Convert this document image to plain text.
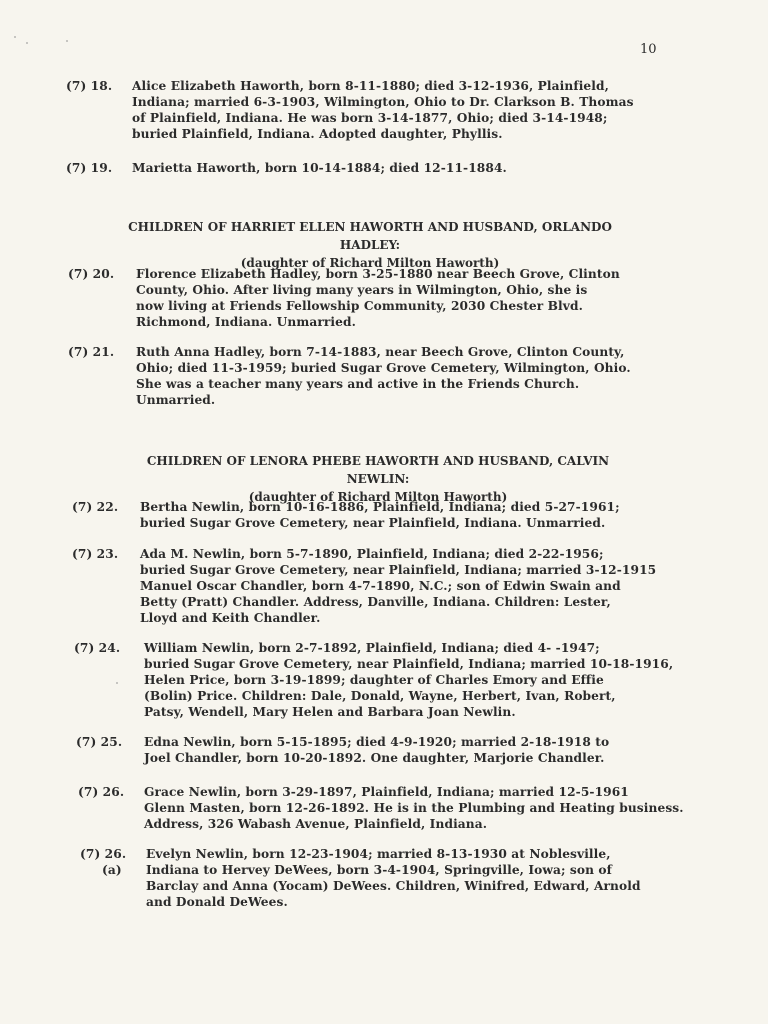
10
(7) 18.	Alice Elizabeth Haworth, born 8-11-1880; died 3-12-1936, Plainfield,
Indiana; married 6-3-1903, Wilmington, Ohio to Dr. Clarkson B. Thomas
of Plainfield, Indiana. He was born 3-14-1877, Ohio; died 3-14-1948;
buried Plainfield, Indiana. Adopted daughter, Phyllis.
(7) 19.	Marietta Haworth, born 10-14-1884; died 12-11-1884.
CHILDREN OF HARRIET ELLEN HAWORTH AND HUSBAND, ORLANDO HADLEY:
(daughter of Richard Milton Haworth)
(7) 20.	Florence Elizabeth Hadley, born 3-25-1880 near Beech Grove, Clinton
County, Ohio. After living many years in Wilmington, Ohio, she is
now living at Friends Fellowship Community, 2030 Chester Blvd.
Richmond, Indiana. Unmarried.
(7) 21.	Ruth Anna Hadley, born 7-14-1883, near Beech Grove, Clinton County,
Ohio; died 11-3-1959; buried Sugar Grove Cemetery, Wilmington, Ohio.
She was a teacher many years and active in the Friends Church.
Unmarried.
CHILDREN OF LENORA PHEBE HAWORTH AND HUSBAND, CALVIN NEWLIN:
(daughter of Richard Milton Haworth)
(7) 22.	Bertha Newlin, born 10-16-1886, Plainfield, Indiana; died 5-27-1961;
buried Sugar Grove Cemetery, near Plainfield, Indiana. Unmarried.
(7) 23.	Ada M. Newlin, born 5-7-1890, Plainfield, Indiana; died 2-22-1956;
buried Sugar Grove Cemetery, near Plainfield, Indiana; married 3-12-1915
Manuel Oscar Chandler, born 4-7-1890, N.C.; son of Edwin Swain and
Betty (Pratt) Chandler. Address, Danville, Indiana. Children: Lester,
Lloyd and Keith Chandler.
(7) 24.	William Newlin, born 2-7-1892, Plainfield, Indiana; died 4- -1947;
buried Sugar Grove Cemetery, near Plainfield, Indiana; married 10-18-1916,
Helen Price, born 3-19-1899; daughter of Charles Emory and Effie
(Bolin) Price. Children: Dale, Donald, Wayne, Herbert, Ivan, Robert,
Patsy, Wendell, Mary Helen and Barbara Joan Newlin.
(7) 25.	Edna Newlin, born 5-15-1895; died 4-9-1920; married 2-18-1918 to
Joel Chandler, born 10-20-1892. One daughter, Marjorie Chandler.
(7) 26.	Grace Newlin, born 3-29-1897, Plainfield, Indiana; married 12-5-1961
Glenn Masten, born 12-26-1892. He is in the Plumbing and Heating business.
Address, 326 Wabash Avenue, Plainfield, Indiana.
(7) 26.
(a)
Evelyn Newlin, born 12-23-1904; married 8-13-1930 at Noblesville,
Indiana to Hervey DeWees, born 3-4-1904, Springville, Iowa; son of
Barclay and Anna (Yocam) DeWees. Children, Winifred, Edward, Arnold
and Donald DeWees.
